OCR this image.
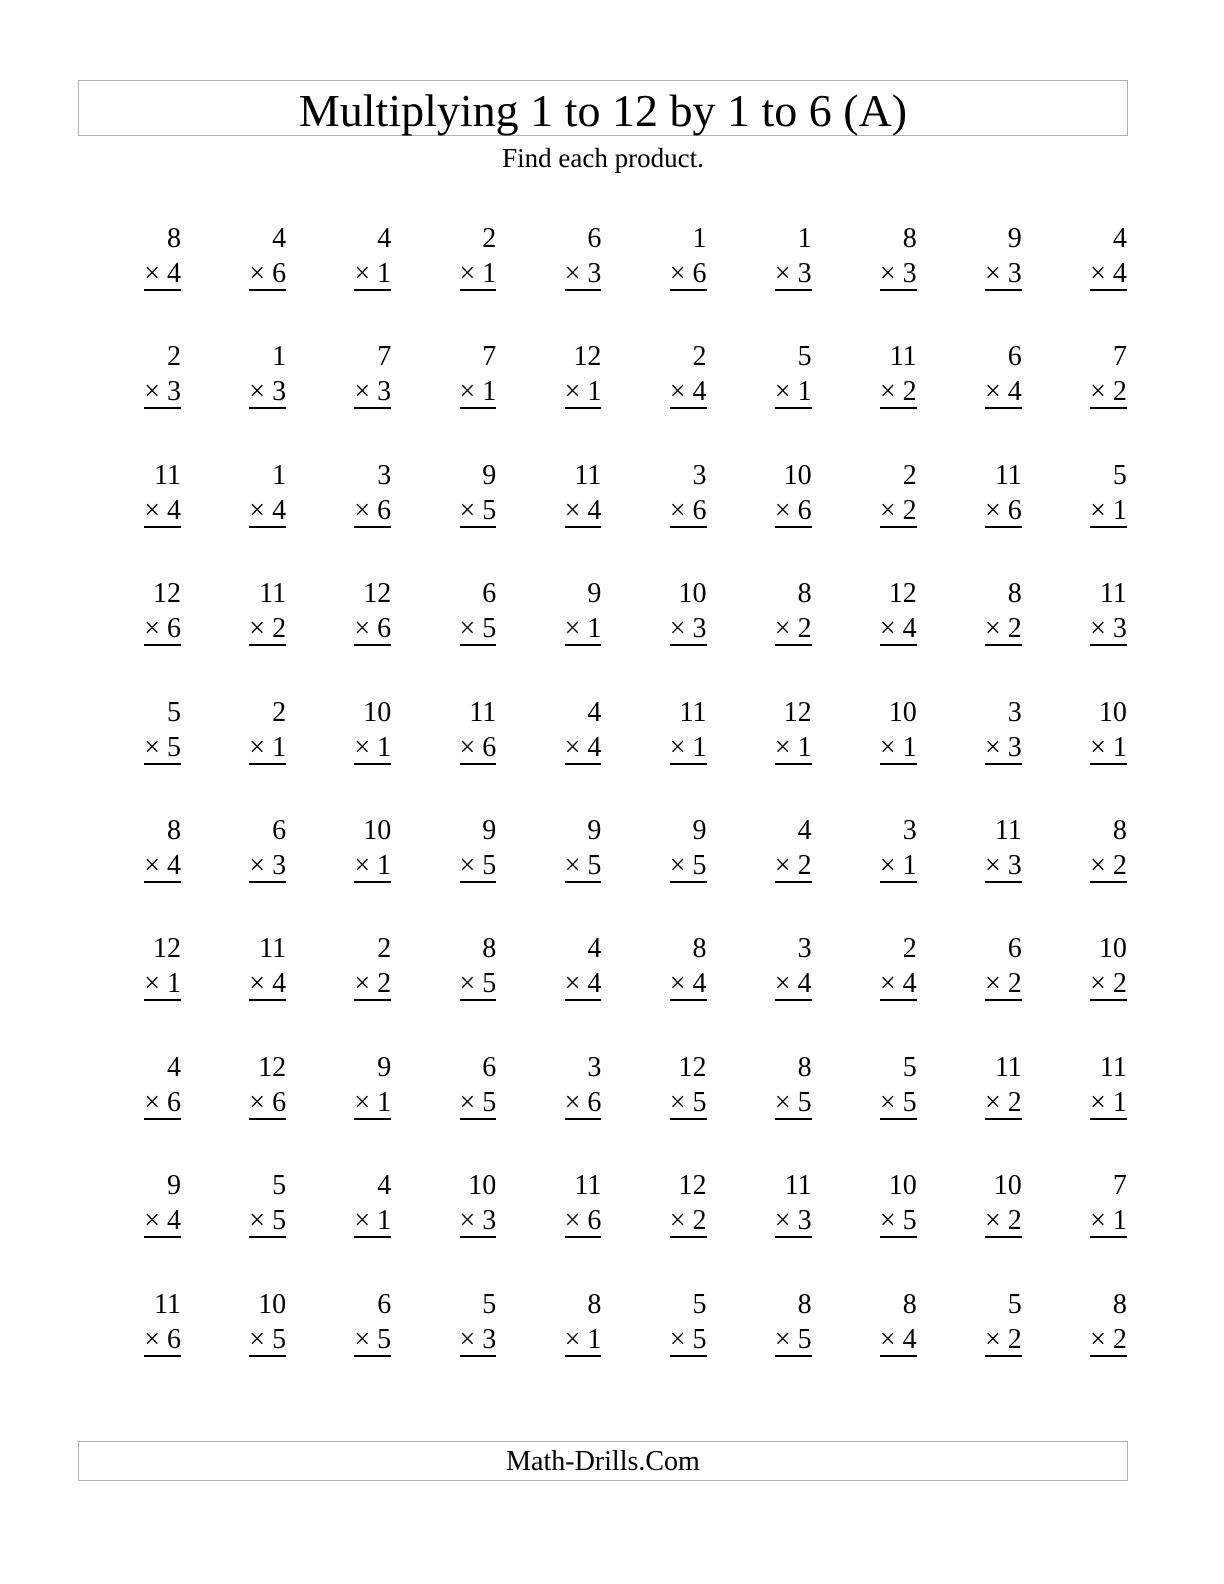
Multiplying 1 to 12 by 1 to 6 (A)
Find each product.
8
× 4
4
× 6
4
× 1
2
× 1
6
× 3
1
× 6
1
× 3
8
× 3
9
× 3
4
× 4
2
× 3
1
× 3
7
× 3
7
× 1
12
× 1
2
× 4
5
× 1
11
× 2
6
× 4
7
× 2
11
× 4
1
× 4
3
× 6
9
× 5
11
× 4
3
× 6
10
× 6
2
× 2
11
× 6
5
× 1
12
× 6
11
× 2
12
× 6
6
× 5
9
× 1
10
× 3
8
× 2
12
× 4
8
× 2
11
× 3
5
× 5
2
× 1
10
× 1
11
× 6
4
× 4
11
× 1
12
× 1
10
× 1
3
× 3
10
× 1
8
× 4
6
× 3
10
× 1
9
× 5
9
× 5
9
× 5
4
× 2
3
× 1
11
× 3
8
× 2
12
× 1
11
× 4
2
× 2
8
× 5
4
× 4
8
× 4
3
× 4
2
× 4
6
× 2
10
× 2
4
× 6
12
× 6
9
× 1
6
× 5
3
× 6
12
× 5
8
× 5
5
× 5
11
× 2
11
× 1
9
× 4
5
× 5
4
× 1
10
× 3
11
× 6
12
× 2
11
× 3
10
× 5
10
× 2
7
× 1
11
× 6
10
× 5
6
× 5
5
× 3
8
× 1
5
× 5
8
× 5
8
× 4
5
× 2
8
× 2
Math-Drills.Com
